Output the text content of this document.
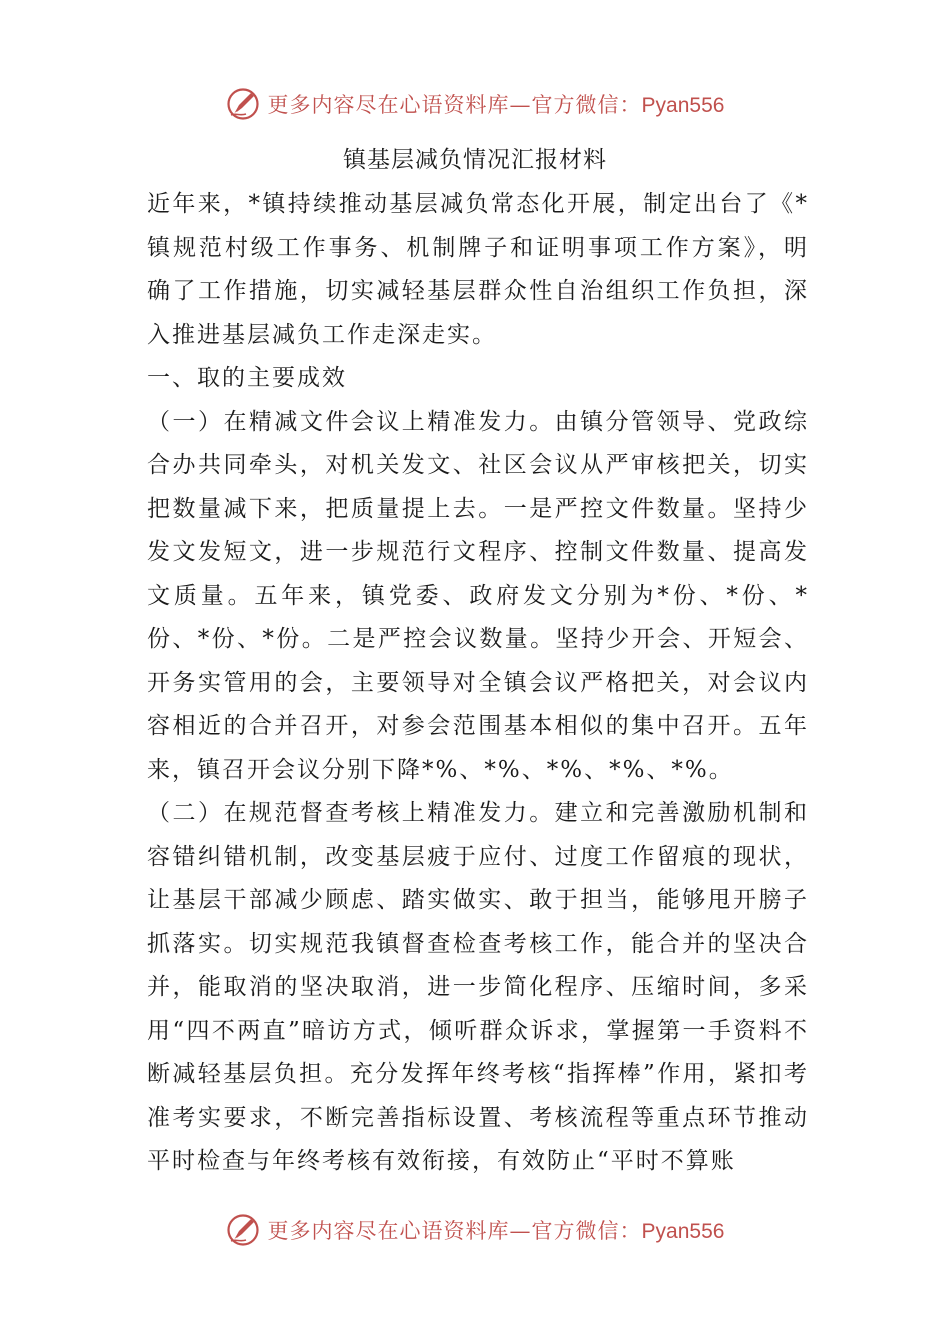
更多内容尽在心语资料库—官方微信：Pyan556
镇基层减负情况汇报材料

近年来，*镇持续推动基层减负常态化开展，制定出台了《*镇规范村级工作事务、机制牌子和证明事项工作方案》，明确了工作措施，切实减轻基层群众性自治组织工作负担，深入推进基层减负工作走深走实。

一、取的主要成效

（一）在精减文件会议上精准发力。由镇分管领导、党政综合办共同牵头，对机关发文、社区会议从严审核把关，切实把数量减下来，把质量提上去。一是严控文件数量。坚持少发文发短文，进一步规范行文程序、控制文件数量、提高发文质量。五年来，镇党委、政府发文分别为*份、*份、*份、*份、*份。二是严控会议数量。坚持少开会、开短会、开务实管用的会，主要领导对全镇会议严格把关，对会议内容相近的合并召开，对参会范围基本相似的集中召开。五年来，镇召开会议分别下降*%、*%、*%、*%、*%。

（二）在规范督查考核上精准发力。建立和完善激励机制和容错纠错机制，改变基层疲于应付、过度工作留痕的现状，让基层干部减少顾虑、踏实做实、敢于担当，能够甩开膀子抓落实。切实规范我镇督查检查考核工作，能合并的坚决合并，能取消的坚决取消，进一步简化程序、压缩时间，多采用“四不两直”暗访方式，倾听群众诉求，掌握第一手资料不断减轻基层负担。充分发挥年终考核“指挥棒”作用，紧扣考准考实要求，不断完善指标设置、考核流程等重点环节推动平时检查与年终考核有效衔接，有效防止“平时不算账

更多内容尽在心语资料库—官方微信：Pyan556
